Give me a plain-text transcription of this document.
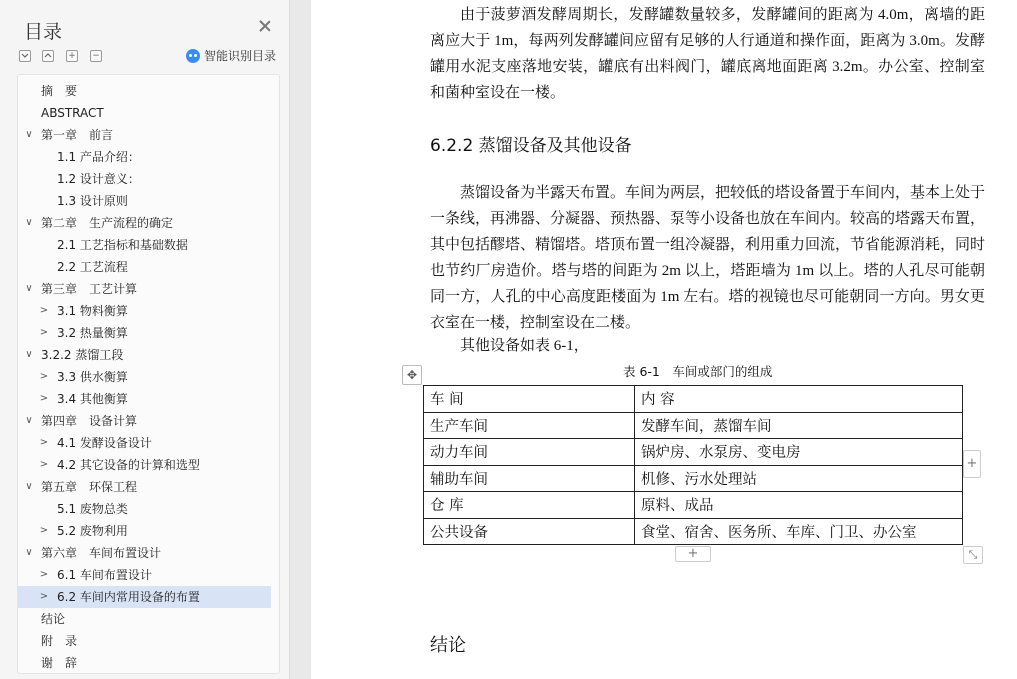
目录
+ −	智能识别目录
摘　要
ABSTRACT
∨ 第一章　前言
1.1 产品介绍：
1.2 设计意义：
1.3 设计原则
∨ 第二章　生产流程的确定
2.1 工艺指标和基础数据
2.2 工艺流程
∨ 第三章　工艺计算
> 3.1 物料衡算
> 3.2 热量衡算
∨ 3.2.2 蒸馏工段
> 3.3 供水衡算
> 3.4 其他衡算
∨ 第四章　设备计算
> 4.1 发酵设备设计
> 4.2 其它设备的计算和选型
∨ 第五章　环保工程
5.1 废物总类
> 5.2 废物利用
∨ 第六章　车间布置设计
> 6.1 车间布置设计
> 6.2 车间内常用设备的布置
结论
附　录
谢　辞
由于菠萝酒发酵周期长，发酵罐数量较多，发酵罐间的距离为 4.0m，离墙的距离应大于 1m，每两列发酵罐间应留有足够的人行通道和操作面，距离为 3.0m。发酵罐用水泥支座落地安装，罐底有出料阀门，罐底离地面距离 3.2m。办公室、控制室和菌种室设在一楼。
6.2.2 蒸馏设备及其他设备
蒸馏设备为半露天布置。车间为两层，把较低的塔设备置于车间内，基本上处于一条线，再沸器、分凝器、预热器、泵等小设备也放在车间内。较高的塔露天布置，其中包括醪塔、精馏塔。塔顶布置一组冷凝器，利用重力回流，节省能源消耗，同时也节约厂房造价。塔与塔的间距为 2m 以上，塔距墙为 1m 以上。塔的人孔尽可能朝同一方，人孔的中心高度距楼面为 1m 左右。塔的视镜也尽可能朝同一方向。男女更衣室在一楼，控制室设在二楼。
其他设备如表 6-1，
✥	表 6-1　车间或部门的组成
车 间	内 容
生产车间	发酵车间，蒸馏车间
动力车间	锅炉房、水泵房、变电房
辅助车间	机修、污水处理站
仓 库	原料、成品
公共设备	食堂、宿舍、医务所、车库、门卫、办公室
+
+	⤡
结论
